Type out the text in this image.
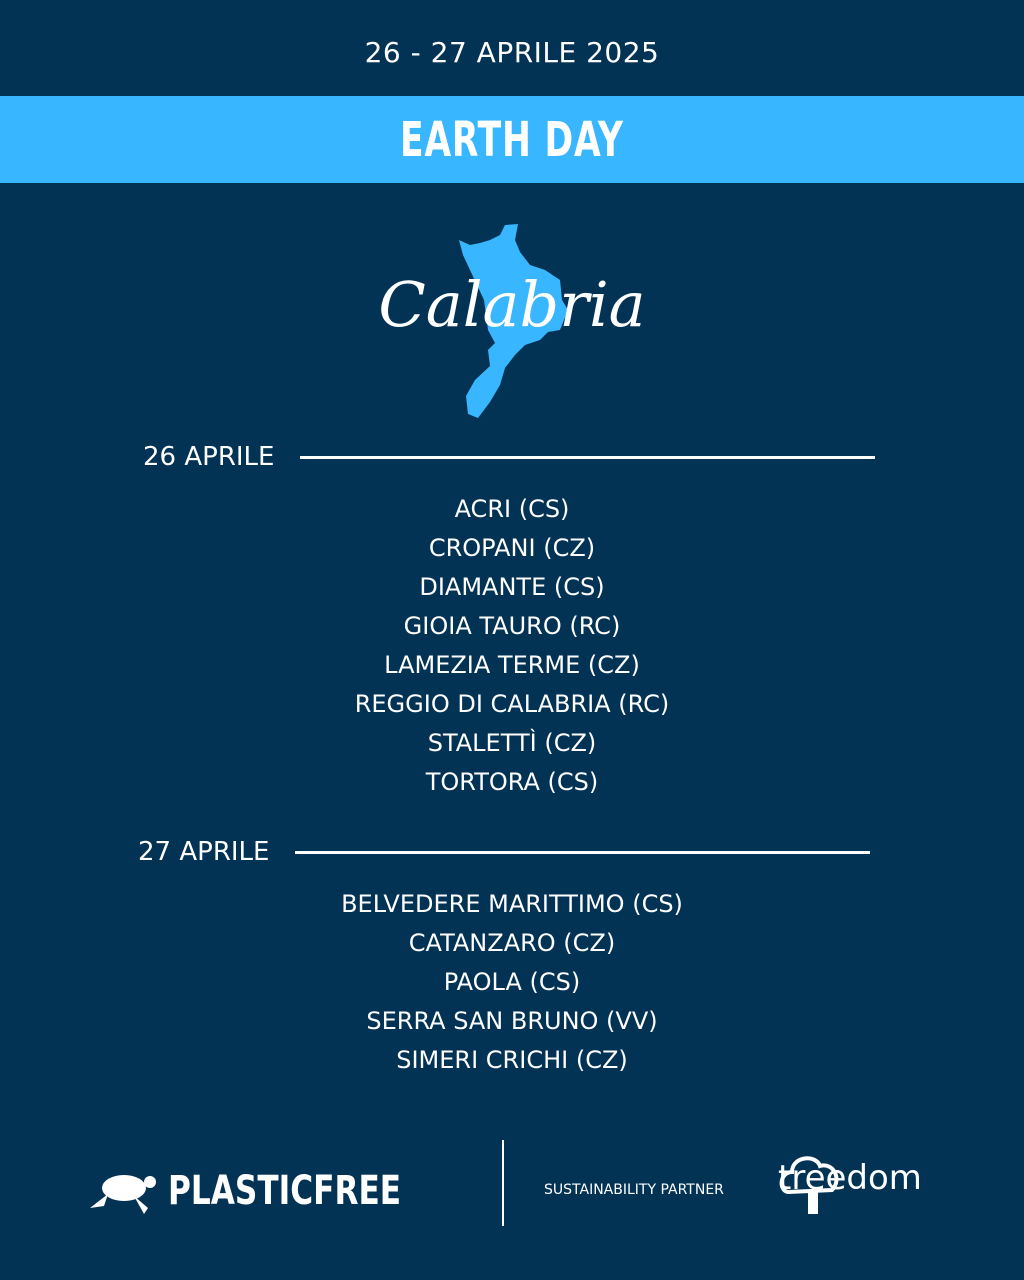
26 - 27 APRILE 2025
EARTH DAY
Calabria
26 APRILE
ACRI (CS)
CROPANI (CZ)
DIAMANTE (CS)
GIOIA TAURO (RC)
LAMEZIA TERME (CZ)
REGGIO DI CALABRIA (RC)
STALETTÌ (CZ)
TORTORA (CS)
27 APRILE
BELVEDERE MARITTIMO (CS)
CATANZARO (CZ)
PAOLA (CS)
SERRA SAN BRUNO (VV)
SIMERI CRICHI (CZ)
PLASTICFREE	SUSTAINABILITY PARTNER treedom
